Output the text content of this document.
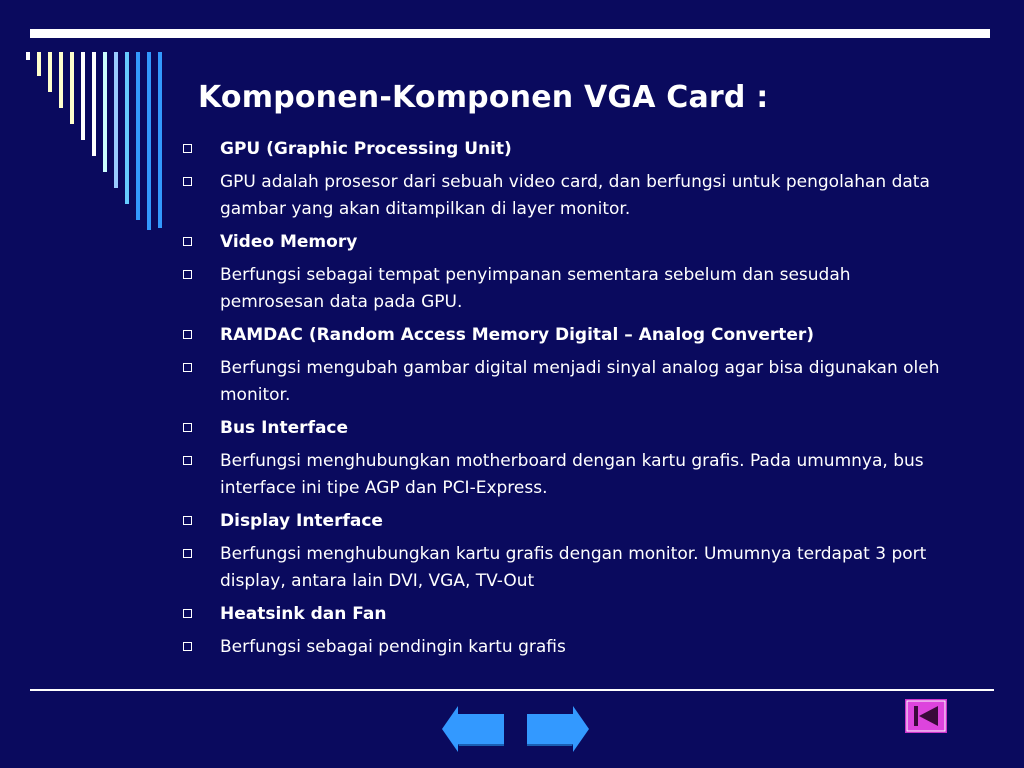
Komponen-Komponen VGA Card :
GPU (Graphic Processing Unit)
GPU adalah prosesor dari sebuah video card, dan berfungsi untuk pengolahan data gambar yang akan ditampilkan di layer monitor.
Video Memory
Berfungsi sebagai tempat penyimpanan sementara sebelum dan sesudah pemrosesan data pada GPU.
RAMDAC (Random Access Memory Digital – Analog Converter)
Berfungsi mengubah gambar digital menjadi sinyal analog agar bisa digunakan oleh monitor.
Bus Interface
Berfungsi menghubungkan motherboard dengan kartu grafis. Pada umumnya, bus interface ini tipe AGP dan PCI-Express.
Display Interface
Berfungsi menghubungkan kartu grafis dengan monitor. Umumnya terdapat 3 port display, antara lain DVI, VGA, TV-Out
Heatsink dan Fan
Berfungsi sebagai pendingin kartu grafis
